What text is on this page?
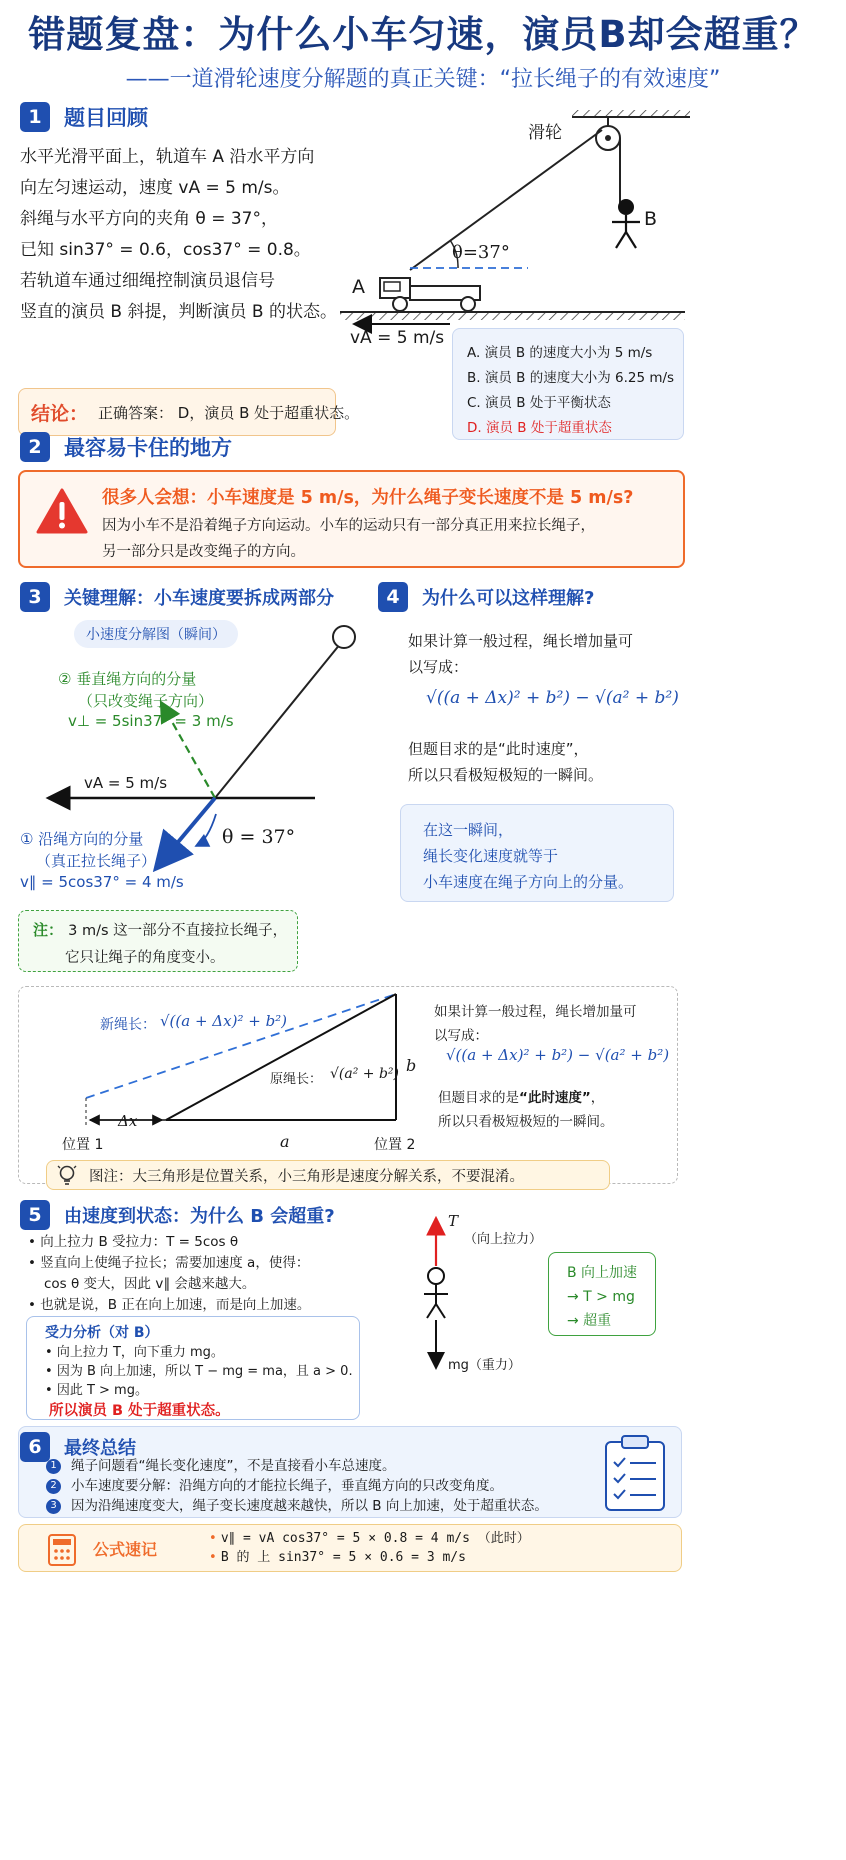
错题复盘：为什么小车匀速，演员B却会超重？
——一道滑轮速度分解题的真正关键：“拉长绳子的有效速度”
1	题目回顾
水平光滑平面上，轨道车 A 沿水平方向
向左匀速运动，速度 vA = 5 m/s。
斜绳与水平方向的夹角 θ = 37°，
已知 sin37° = 0.6，cos37° = 0.8。
若轨道车通过细绳控制演员退信号
竖直的演员 B 斜提，判断演员 B 的状态。
结论： 正确答案： D，演员 B 处于超重状态。
滑轮
θ=37°
A
B
vA = 5 m/s
A. 演员 B 的速度大小为 5 m/s
B. 演员 B 的速度大小为 6.25 m/s
C. 演员 B 处于平衡状态
D. 演员 B 处于超重状态
2	最容易卡住的地方
很多人会想：小车速度是 5 m/s，为什么绳子变长速度不是 5 m/s?
因为小车不是沿着绳子方向运动。小车的运动只有一部分真正用来拉长绳子，
另一部分只是改变绳子的方向。
3	关键理解：小车速度要拆成两部分
小速度分解图（瞬间）
② 垂直绳方向的分量
（只改变绳子方向）
v⊥ = 5sin37° = 3 m/s
vA = 5 m/s
① 沿绳方向的分量
（真正拉长绳子）
v∥ = 5cos37° = 4 m/s
θ = 37°
注： 3 m/s 这一部分不直接拉长绳子，
它只让绳子的角度变小。
4	为什么可以这样理解?
如果计算一般过程，绳长增加量可
以写成：
√((a + Δx)² + b²) − √(a² + b²)
但题目求的是“此时速度”，
所以只看极短极短的一瞬间。
在这一瞬间，
绳长变化速度就等于
小车速度在绳子方向上的分量。
新绳长： √((a + Δx)² + b²)
原绳长： √(a² + b²) b
a
Δx
位置 1	位置 2
如果计算一般过程，绳长增加量可
以写成：
√((a + Δx)² + b²) − √(a² + b²)
但题目求的是“此时速度”，
所以只看极短极短的一瞬间。
图注：大三角形是位置关系，小三角形是速度分解关系，不要混淆。
5	由速度到状态：为什么 B 会超重?
• 向上拉力 B 受拉力：T = 5cos θ
• 竖直向上使绳子拉长；需要加速度 a，使得：
cos θ 变大，因此 v∥ 会越来越大。
• 也就是说，B 正在向上加速，而是向上加速。
受力分析（对 B）
• 向上拉力 T，向下重力 mg。
• 因为 B 向上加速，所以 T − mg = ma，且 a > 0.
• 因此 T > mg。
所以演员 B 处于超重状态。
T
（向上拉力）
mg（重力）
B 向上加速
→ T > mg
→ 超重
6	最终总结
1	绳子问题看“绳长变化速度”，不是直接看小车总速度。
2	小车速度要分解：沿绳方向的才能拉长绳子，垂直绳方向的只改变角度。
3	因为沿绳速度变大，绳子变长速度越来越快，所以 B 向上加速，处于超重状态。
公式速记
• v∥ = vA cos37° = 5 × 0.8 = 4 m/s （此时）
• B 的 上 sin37° = 5 × 0.6 = 3 m/s
